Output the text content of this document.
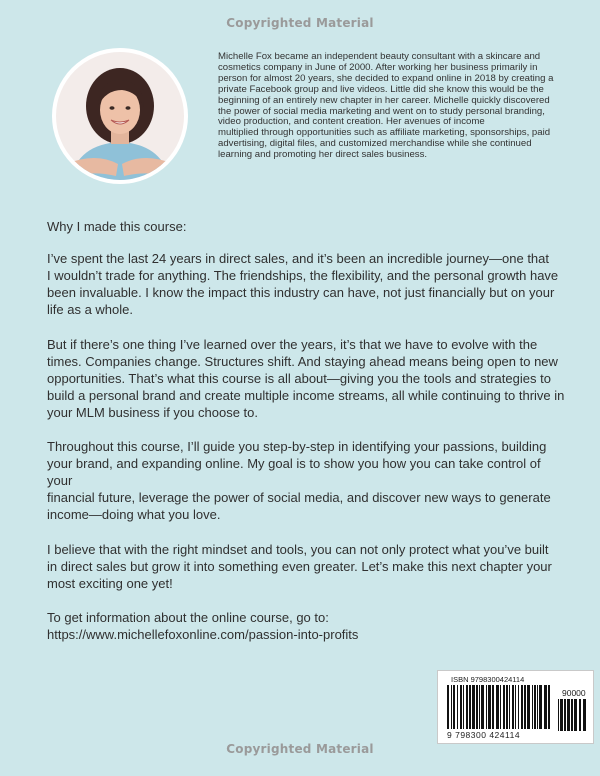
Copyrighted Material
Michelle Fox became an independent beauty consultant with a skincare and
cosmetics company in June of 2000. After working her business primarily in
person for almost 20 years, she decided to expand online in 2018 by creating a
private Facebook group and live videos. Little did she know this would be the
beginning of an entirely new chapter in her career. Michelle quickly discovered
the power of social media marketing and went on to study personal branding,
video production, and content creation. Her avenues of income
multiplied through opportunities such as affiliate marketing, sponsorships, paid
advertising, digital files, and customized merchandise while she continued
learning and promoting her direct sales business.

Why I made this course:

I’ve spent the last 24 years in direct sales, and it’s been an incredible journey—one that
I wouldn’t trade for anything. The friendships, the flexibility, and the personal growth have
been invaluable. I know the impact this industry can have, not just financially but on your
life as a whole.

But if there’s one thing I’ve learned over the years, it’s that we have to evolve with the
times. Companies change. Structures shift. And staying ahead means being open to new
opportunities. That’s what this course is all about—giving you the tools and strategies to
build a personal brand and create multiple income streams, all while continuing to thrive in
your MLM business if you choose to.

Throughout this course, I’ll guide you step-by-step in identifying your passions, building
your brand, and expanding online. My goal is to show you how you can take control of your
financial future, leverage the power of social media, and discover new ways to generate
income—doing what you love.

I believe that with the right mindset and tools, you can not only protect what you’ve built
in direct sales but grow it into something even greater. Let’s make this next chapter your
most exciting one yet!

To get information about the online course, go to:
https://www.michellefoxonline.com/passion-into-profits

ISBN 9798300424114
90000
9 798300 424114
Copyrighted Material
